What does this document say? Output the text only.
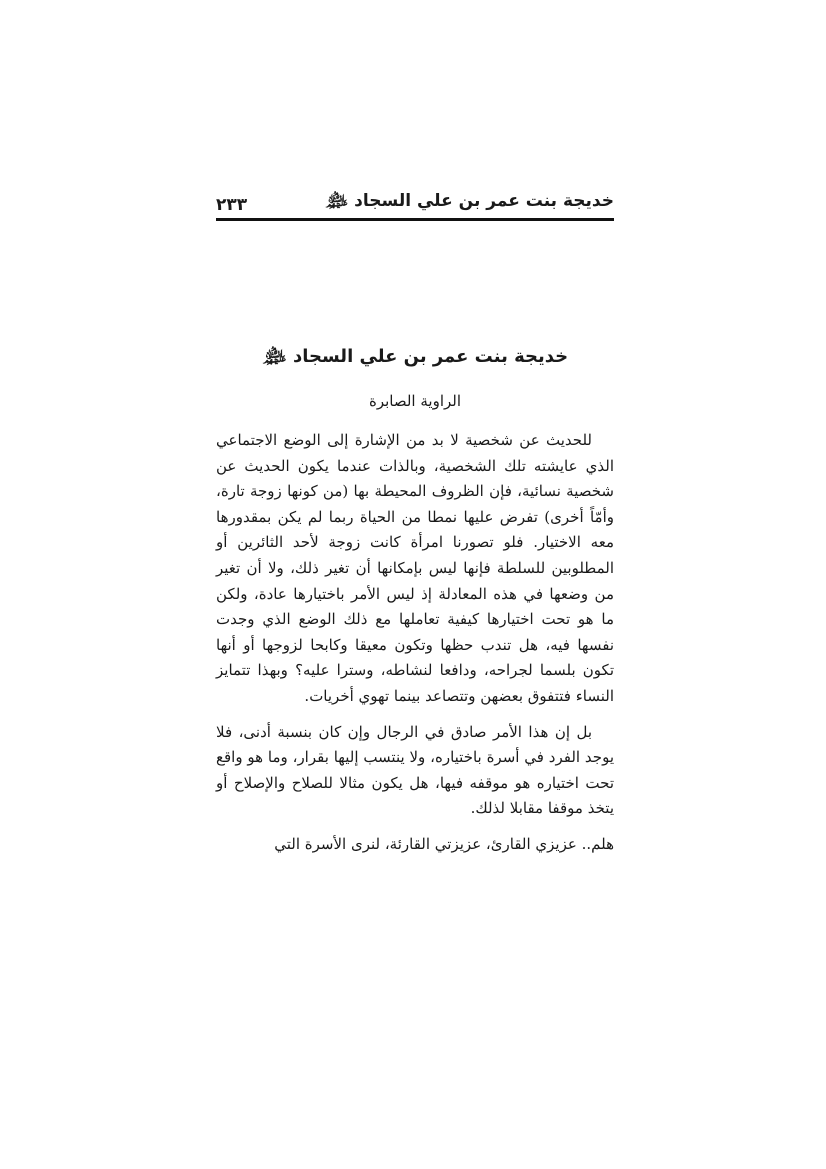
خديجة بنت عمر بن علي السجاد ﵈
٢٣٣
خديجة بنت عمر بن علي السجاد ﵈
الراوية الصابرة

للحديث عن شخصية لا بد من الإشارة إلى الوضع الاجتماعي الذي عايشته تلك الشخصية، وبالذات عندما يكون الحديث عن شخصية نسائية، فإن الظروف المحيطة بها (من كونها زوجة تارة، وأمّاً أخرى) تفرض عليها نمطا من الحياة ربما لم يكن بمقدورها معه الاختيار. فلو تصورنا امرأة كانت زوجة لأحد الثائرين أو المطلوبين للسلطة فإنها ليس بإمكانها أن تغير ذلك، ولا أن تغير من وضعها في هذه المعادلة إذ ليس الأمر باختيارها عادة، ولكن ما هو تحت اختيارها كيفية تعاملها مع ذلك الوضع الذي وجدت نفسها فيه، هل تندب حظها وتكون معيقا وكابحا لزوجها أو أنها تكون بلسما لجراحه، ودافعا لنشاطه، وسترا عليه؟ وبهذا تتمايز النساء فتتفوق بعضهن وتتصاعد بينما تهوي أخريات.

بل إن هذا الأمر صادق في الرجال وإن كان بنسبة أدنى، فلا يوجد الفرد في أسرة باختياره، ولا ينتسب إليها بقرار، وما هو واقع تحت اختياره هو موقفه فيها، هل يكون مثالا للصلاح والإصلاح أو يتخذ موقفا مقابلا لذلك.

هلم.. عزيزي القارئ، عزيزتي القارئة، لنرى الأسرة التي
